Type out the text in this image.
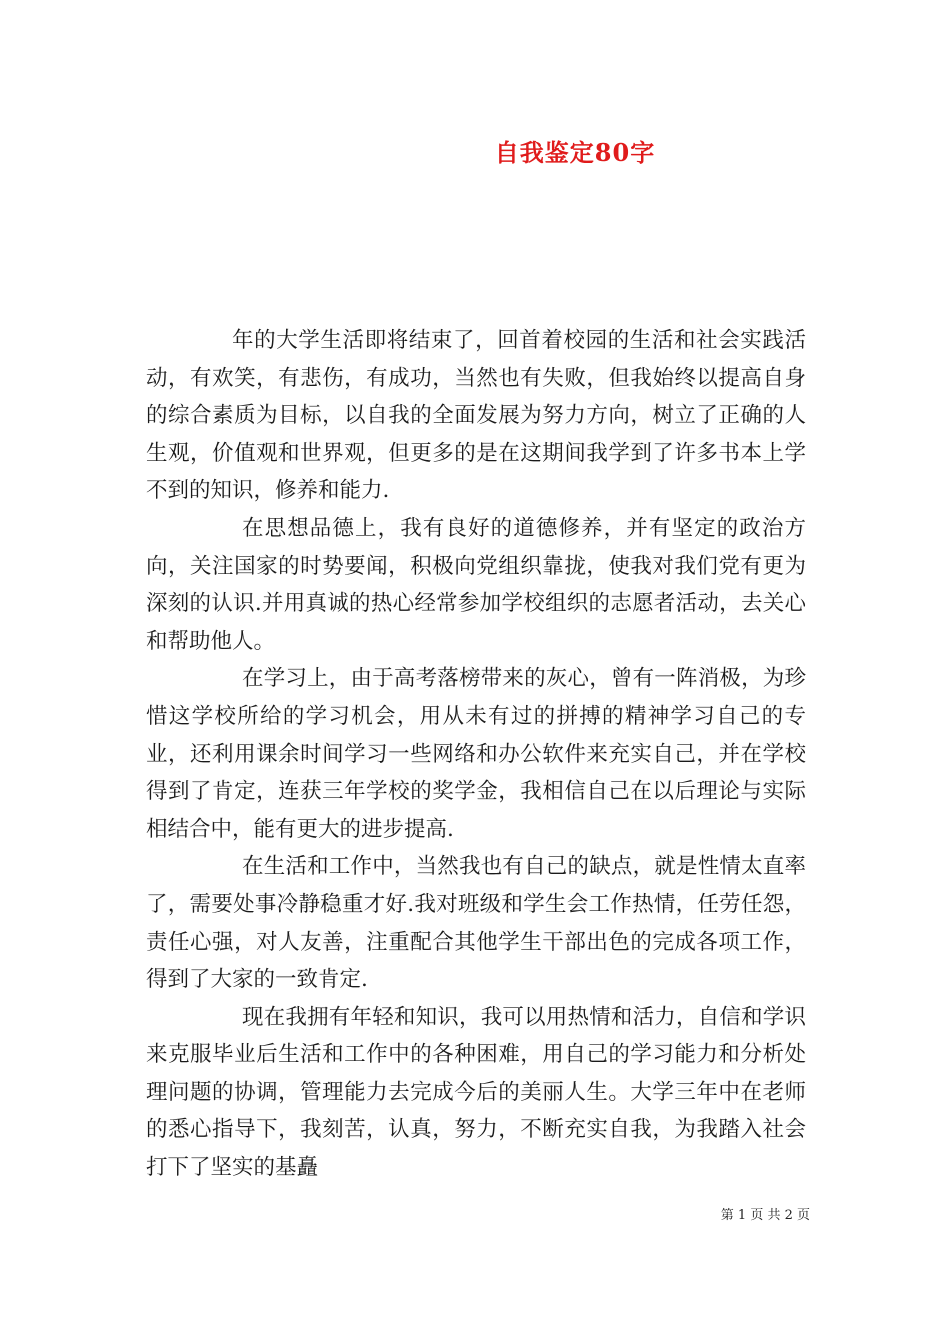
自我鉴定80字

年的大学生活即将结束了，回首着校园的生活和社会实践活动，有欢笑，有悲伤，有成功，当然也有失败，但我始终以提高自身的综合素质为目标，以自我的全面发展为努力方向，树立了正确的人生观，价值观和世界观，但更多的是在这期间我学到了许多书本上学不到的知识，修养和能力.

在思想品德上，我有良好的道德修养，并有坚定的政治方向，关注国家的时势要闻，积极向党组织靠拢，使我对我们党有更为深刻的认识.并用真诚的热心经常参加学校组织的志愿者活动，去关心和帮助他人。

在学习上，由于高考落榜带来的灰心，曾有一阵消极，为珍惜这学校所给的学习机会，用从未有过的拼搏的精神学习自己的专业，还利用课余时间学习一些网络和办公软件来充实自己，并在学校得到了肯定，连获三年学校的奖学金，我相信自己在以后理论与实际相结合中，能有更大的进步提高.

在生活和工作中，当然我也有自己的缺点，就是性情太直率了，需要处事冷静稳重才好.我对班级和学生会工作热情，任劳任怨，责任心强，对人友善，注重配合其他学生干部出色的完成各项工作，得到了大家的一致肯定.

现在我拥有年轻和知识，我可以用热情和活力，自信和学识来克服毕业后生活和工作中的各种困难，用自己的学习能力和分析处理问题的协调，管理能力去完成今后的美丽人生。大学三年中在老师的悉心指导下，我刻苦，认真，努力，不断充实自我，为我踏入社会打下了坚实的基矗

第 1 页 共 2 页
